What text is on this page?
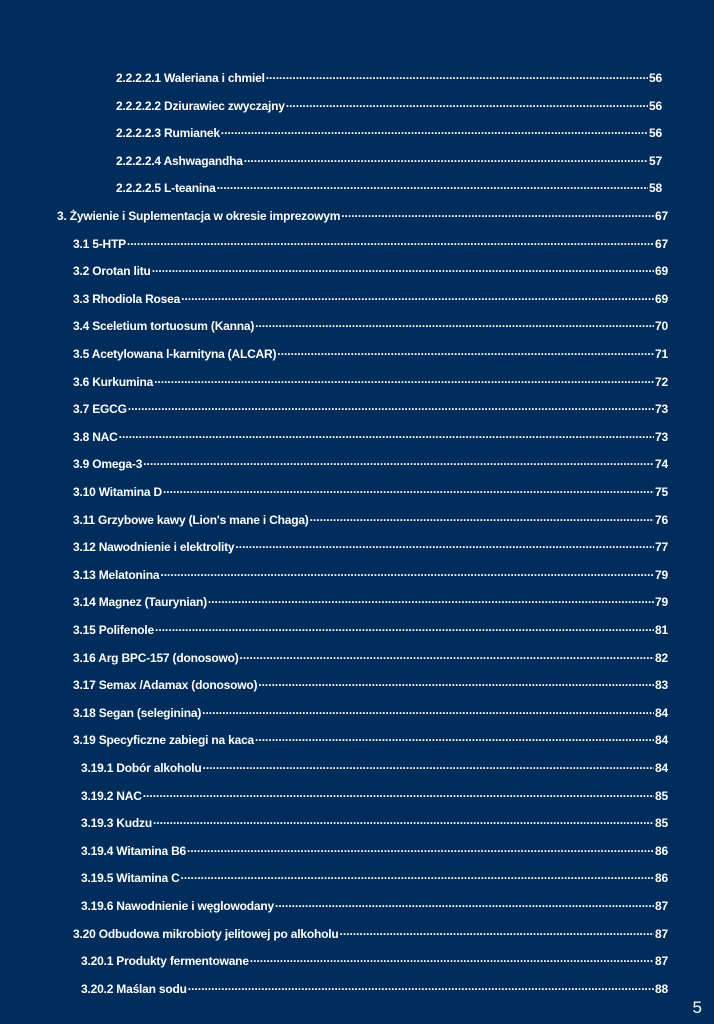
2.2.2.2.1 Waleriana i chmiel .....	56
2.2.2.2.2 Dziurawiec zwyczajny .....	56
2.2.2.2.3 Rumianek .....	56
2.2.2.2.4 Ashwagandha .....	57
2.2.2.2.5 L-teanina .....	58
3. Żywienie i Suplementacja w okresie imprezowym .....	67
3.1 5-HTP .....	67
3.2 Orotan litu .....	69
3.3 Rhodiola Rosea .....	69
3.4 Sceletium tortuosum (Kanna) .....	70
3.5 Acetylowana l-karnityna (ALCAR) .....	71
3.6 Kurkumina .....	72
3.7 EGCG .....	73
3.8 NAC .....	73
3.9 Omega-3 .....	74
3.10 Witamina D .....	75
3.11 Grzybowe kawy (Lion's mane i Chaga) .....	76
3.12 Nawodnienie i elektrolity .....	77
3.13 Melatonina .....	79
3.14 Magnez (Taurynian) .....	79
3.15 Polifenole .....	81
3.16 Arg BPC-157 (donosowo) .....	82
3.17 Semax /Adamax (donosowo) .....	83
3.18 Segan (seleginina) .....	84
3.19 Specyficzne zabiegi na kaca .....	84
3.19.1 Dobór alkoholu .....	84
3.19.2 NAC .....	85
3.19.3 Kudzu .....	85
3.19.4 Witamina B6 .....	86
3.19.5 Witamina C .....	86
3.19.6 Nawodnienie i węglowodany .....	87
3.20 Odbudowa mikrobioty jelitowej po alkoholu .....	87
3.20.1 Produkty fermentowane .....	87
3.20.2 Maślan sodu .....	88
5
